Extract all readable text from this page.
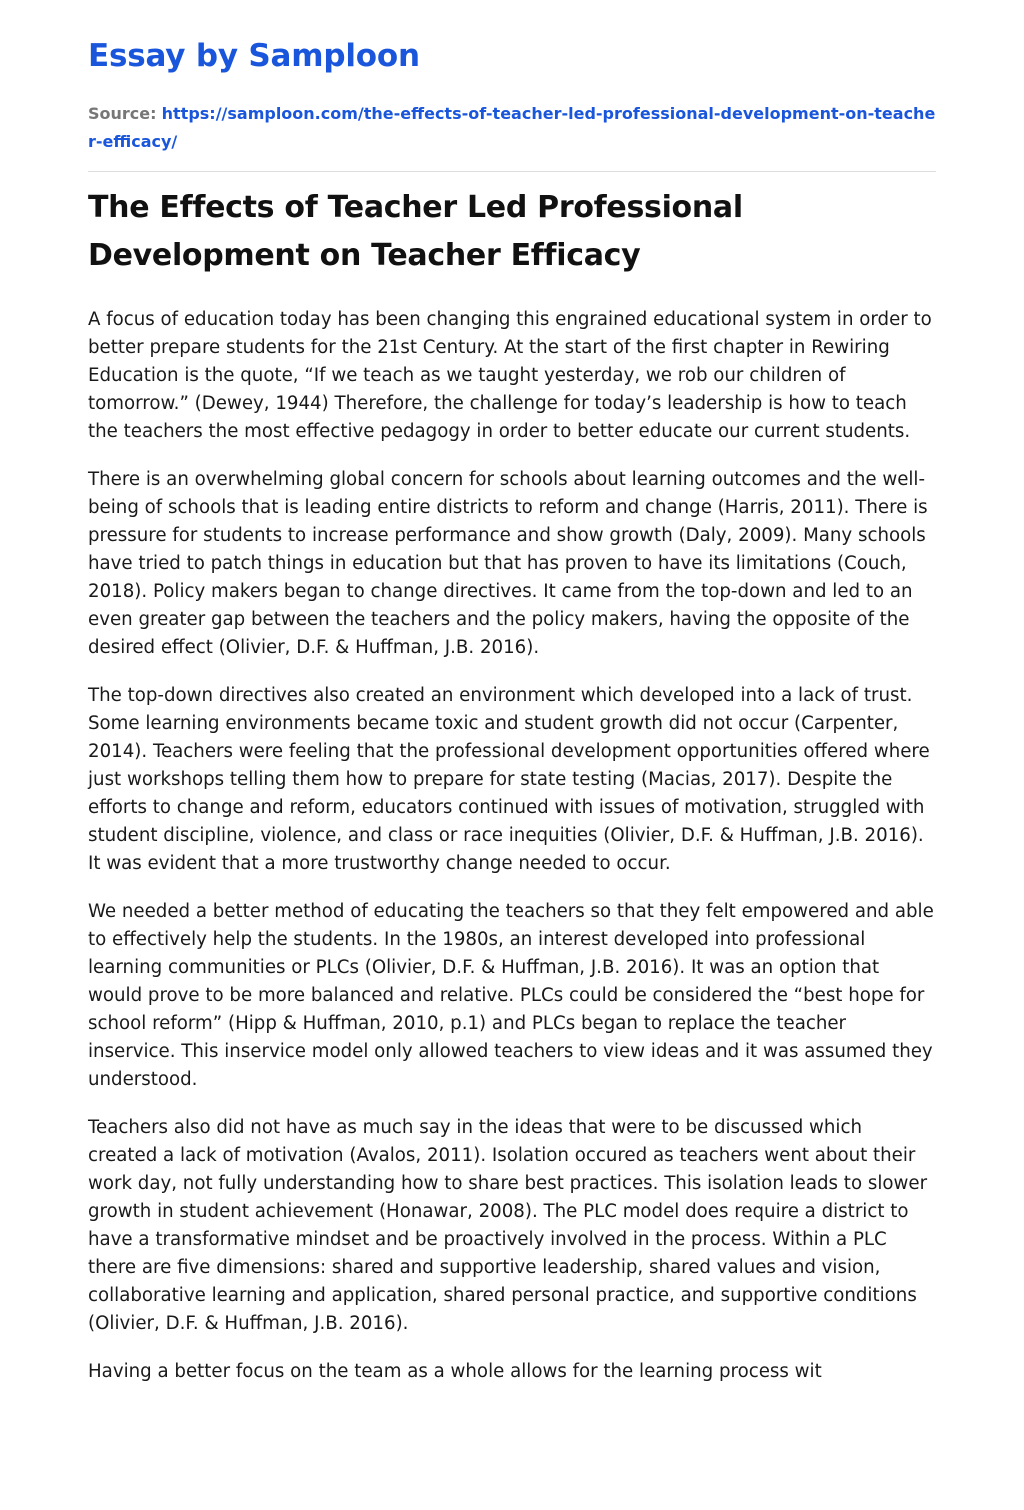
Essay by Samploon
Source: https://samploon.com/the-effects-of-teacher-led-professional-development-on-teacher-efficacy/
The Effects of Teacher Led Professional Development on Teacher Efficacy

A focus of education today has been changing this engrained educational system in order to better prepare students for the 21st Century. At the start of the first chapter in Rewiring Education is the quote, “If we teach as we taught yesterday, we rob our children of tomorrow.” (Dewey, 1944) Therefore, the challenge for today’s leadership is how to teach the teachers the most effective pedagogy in order to better educate our current students.

There is an overwhelming global concern for schools about learning outcomes and the well-being of schools that is leading entire districts to reform and change (Harris, 2011). There is pressure for students to increase performance and show growth (Daly, 2009). Many schools have tried to patch things in education but that has proven to have its limitations (Couch, 2018). Policy makers began to change directives. It came from the top-down and led to an even greater gap between the teachers and the policy makers, having the opposite of the desired effect (Olivier, D.F. & Huffman, J.B. 2016).

The top-down directives also created an environment which developed into a lack of trust. Some learning environments became toxic and student growth did not occur (Carpenter, 2014). Teachers were feeling that the professional development opportunities offered where just workshops telling them how to prepare for state testing (Macias, 2017). Despite the efforts to change and reform, educators continued with issues of motivation, struggled with student discipline, violence, and class or race inequities (Olivier, D.F. & Huffman, J.B. 2016). It was evident that a more trustworthy change needed to occur.

We needed a better method of educating the teachers so that they felt empowered and able to effectively help the students. In the 1980s, an interest developed into professional learning communities or PLCs (Olivier, D.F. & Huffman, J.B. 2016). It was an option that would prove to be more balanced and relative. PLCs could be considered the “best hope for school reform” (Hipp & Huffman, 2010, p.1) and PLCs began to replace the teacher inservice. This inservice model only allowed teachers to view ideas and it was assumed they understood.

Teachers also did not have as much say in the ideas that were to be discussed which created a lack of motivation (Avalos, 2011). Isolation occured as teachers went about their work day, not fully understanding how to share best practices. This isolation leads to slower growth in student achievement (Honawar, 2008). The PLC model does require a district to have a transformative mindset and be proactively involved in the process. Within a PLC there are five dimensions: shared and supportive leadership, shared values and vision, collaborative learning and application, shared personal practice, and supportive conditions (Olivier, D.F. & Huffman, J.B. 2016).

Having a better focus on the team as a whole allows for the learning process wit
